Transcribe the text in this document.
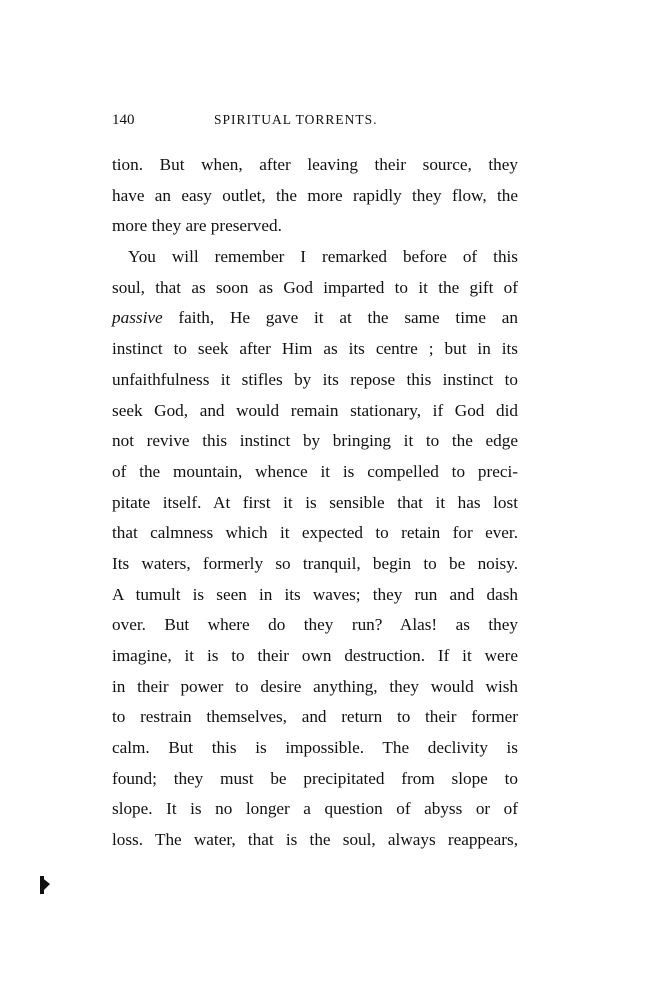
140	SPIRITUAL TORRENTS.
tion. But when, after leaving their source, they
have an easy outlet, the more rapidly they flow, the
more they are preserved.
You will remember I remarked before of this
soul, that as soon as God imparted to it the gift of
passive faith, He gave it at the same time an
instinct to seek after Him as its centre ; but in its
unfaithfulness it stifles by its repose this instinct to
seek God, and would remain stationary, if God did
not revive this instinct by bringing it to the edge
of the mountain, whence it is compelled to preci-
pitate itself. At first it is sensible that it has lost
that calmness which it expected to retain for ever.
Its waters, formerly so tranquil, begin to be noisy.
A tumult is seen in its waves; they run and dash
over. But where do they run? Alas! as they
imagine, it is to their own destruction. If it were
in their power to desire anything, they would wish
to restrain themselves, and return to their former
calm. But this is impossible. The declivity is
found; they must be precipitated from slope to
slope. It is no longer a question of abyss or of
loss. The water, that is the soul, always reappears,
